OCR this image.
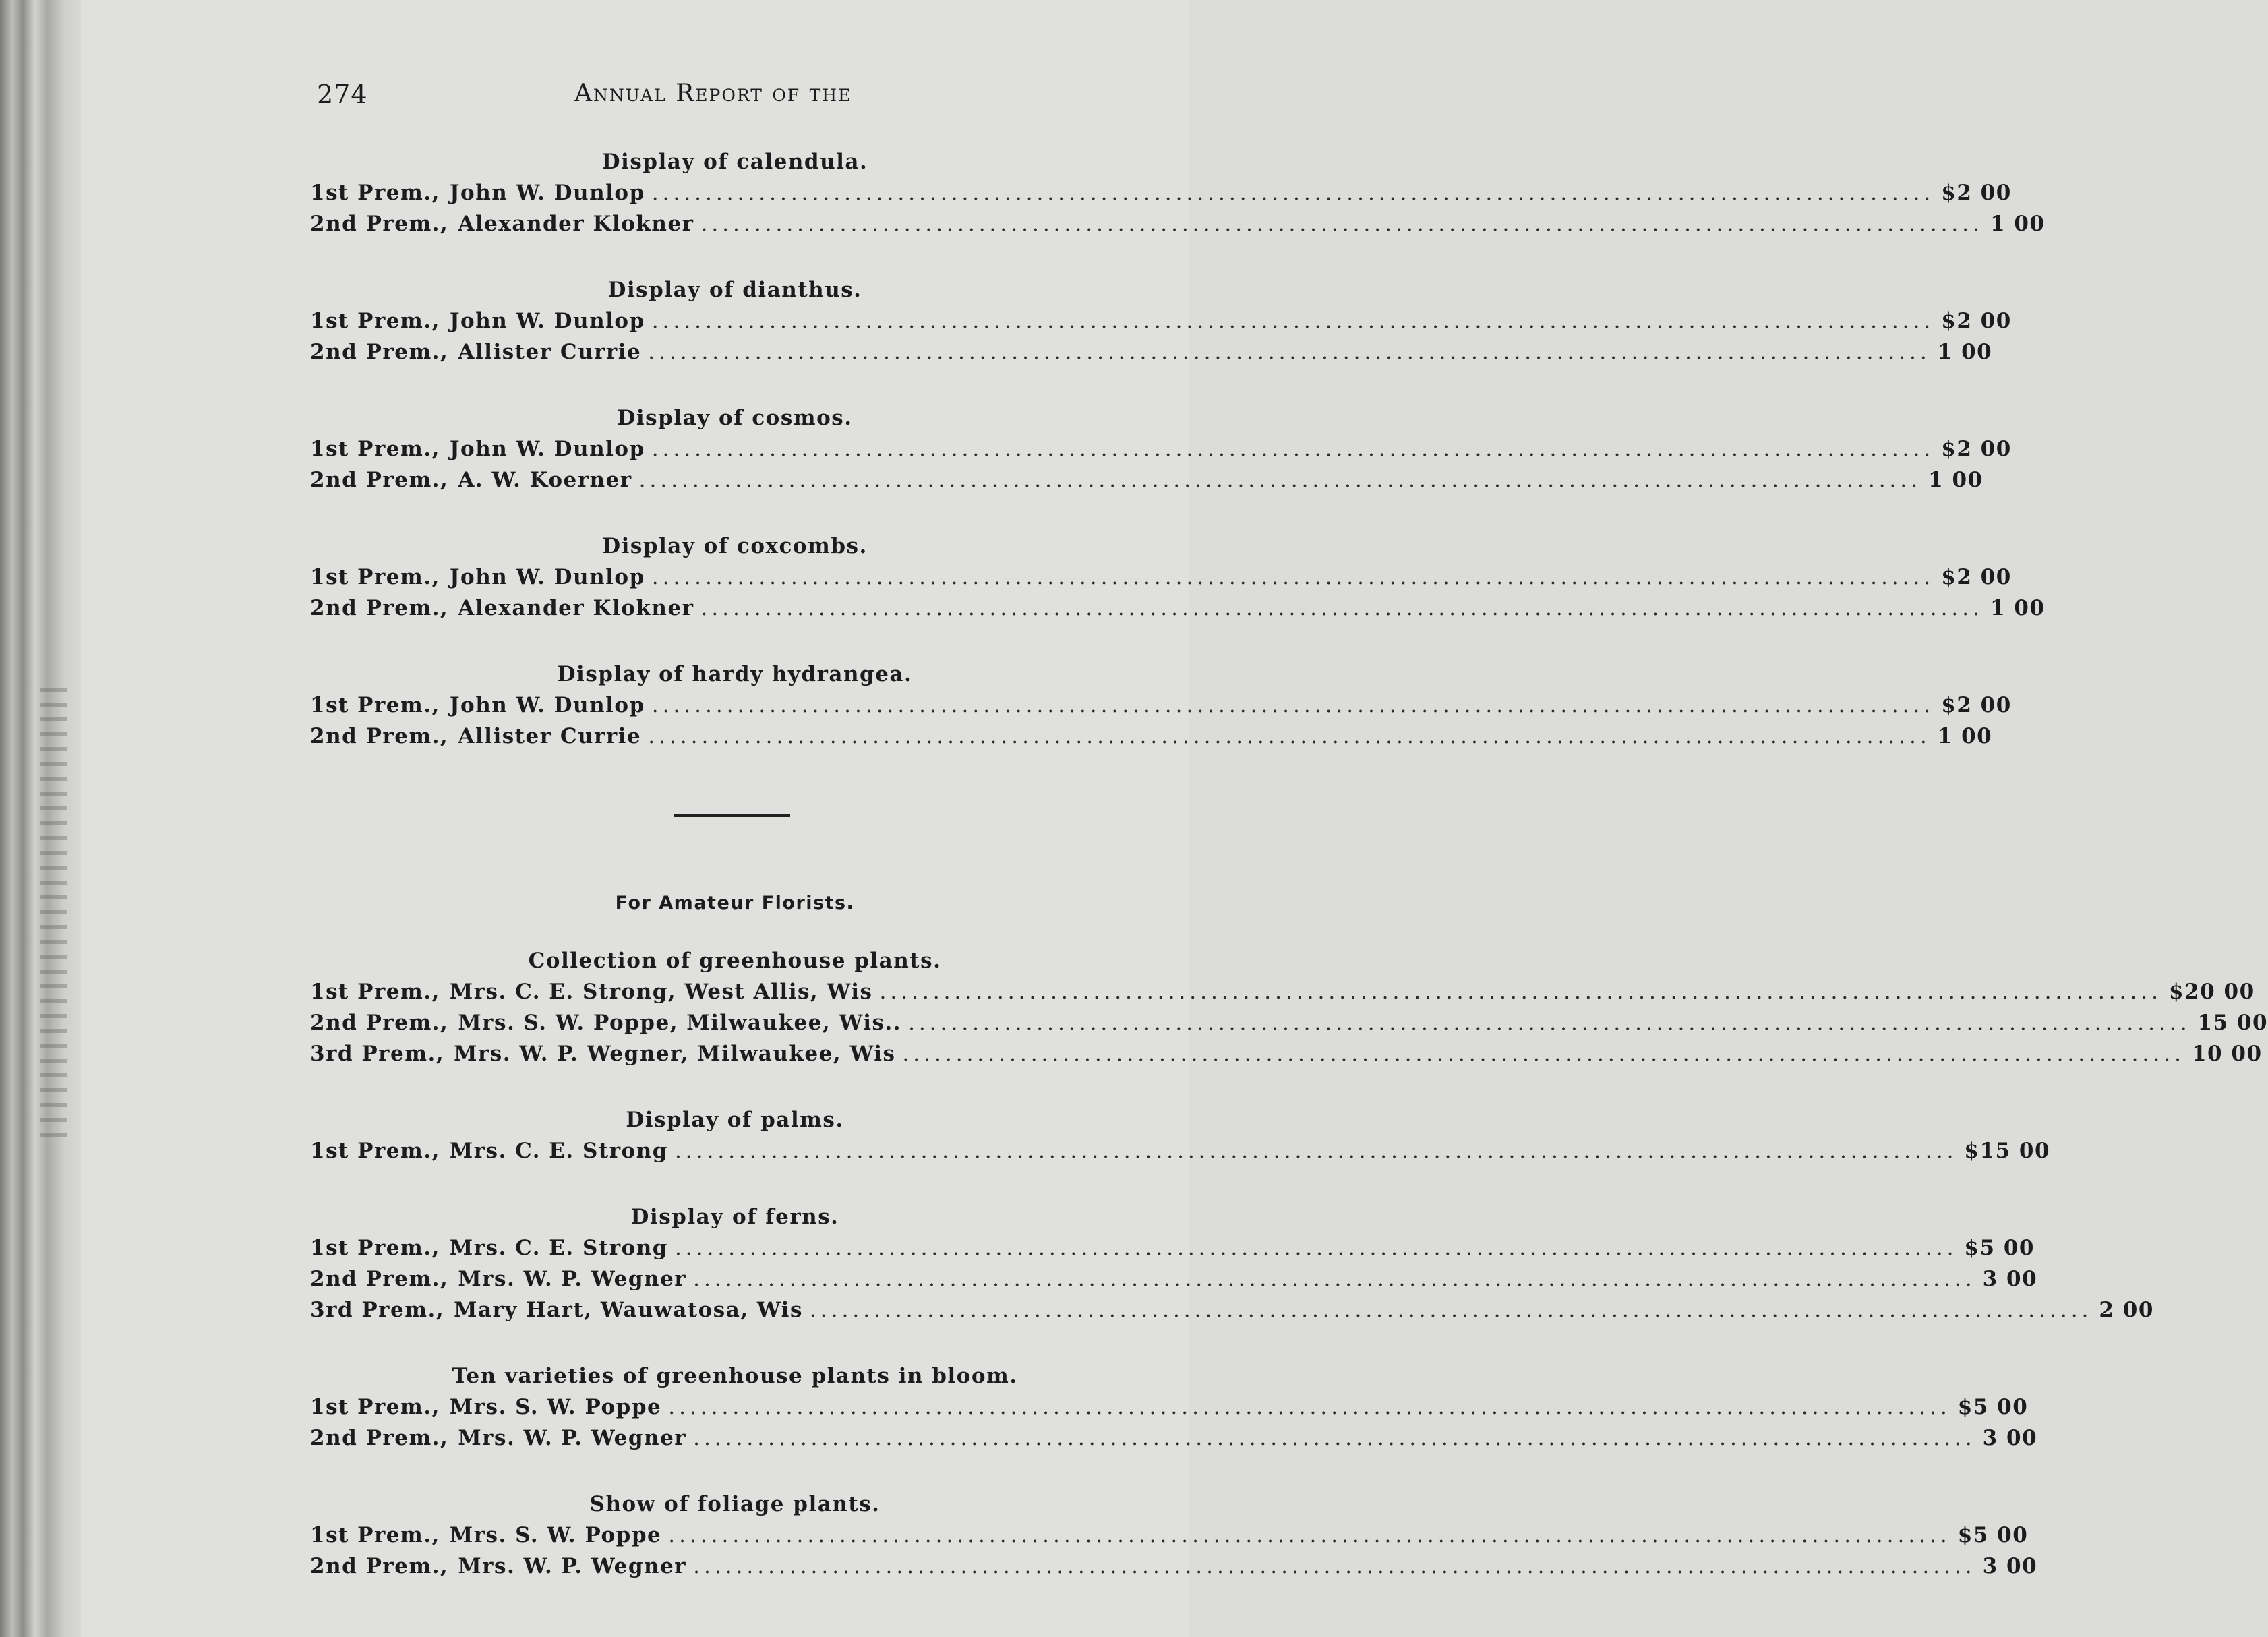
274	Annual Report of the
Display of calendula.
1st Prem., John W. Dunlop ........................................................................................................................ $2 00
2nd Prem., Alexander Klokner ........................................................................................................................ 1 00
Display of dianthus.
1st Prem., John W. Dunlop ........................................................................................................................ $2 00
2nd Prem., Allister Currie ........................................................................................................................ 1 00
Display of cosmos.
1st Prem., John W. Dunlop ........................................................................................................................ $2 00
2nd Prem., A. W. Koerner ........................................................................................................................ 1 00
Display of coxcombs.
1st Prem., John W. Dunlop ........................................................................................................................ $2 00
2nd Prem., Alexander Klokner ........................................................................................................................ 1 00
Display of hardy hydrangea.
1st Prem., John W. Dunlop ........................................................................................................................ $2 00
2nd Prem., Allister Currie ........................................................................................................................ 1 00
For Amateur Florists.
Collection of greenhouse plants.
1st Prem., Mrs. C. E. Strong, West Allis, Wis ........................................................................................................................ $20 00
2nd Prem., Mrs. S. W. Poppe, Milwaukee, Wis.. ........................................................................................................................ 15 00
3rd Prem., Mrs. W. P. Wegner, Milwaukee, Wis ........................................................................................................................ 10 00
Display of palms.
1st Prem., Mrs. C. E. Strong ........................................................................................................................ $15 00
Display of ferns.
1st Prem., Mrs. C. E. Strong ........................................................................................................................ $5 00
2nd Prem., Mrs. W. P. Wegner ........................................................................................................................ 3 00
3rd Prem., Mary Hart, Wauwatosa, Wis ........................................................................................................................ 2 00
Ten varieties of greenhouse plants in bloom.
1st Prem., Mrs. S. W. Poppe ........................................................................................................................ $5 00
2nd Prem., Mrs. W. P. Wegner ........................................................................................................................ 3 00
Show of foliage plants.
1st Prem., Mrs. S. W. Poppe ........................................................................................................................ $5 00
2nd Prem., Mrs. W. P. Wegner ........................................................................................................................ 3 00
